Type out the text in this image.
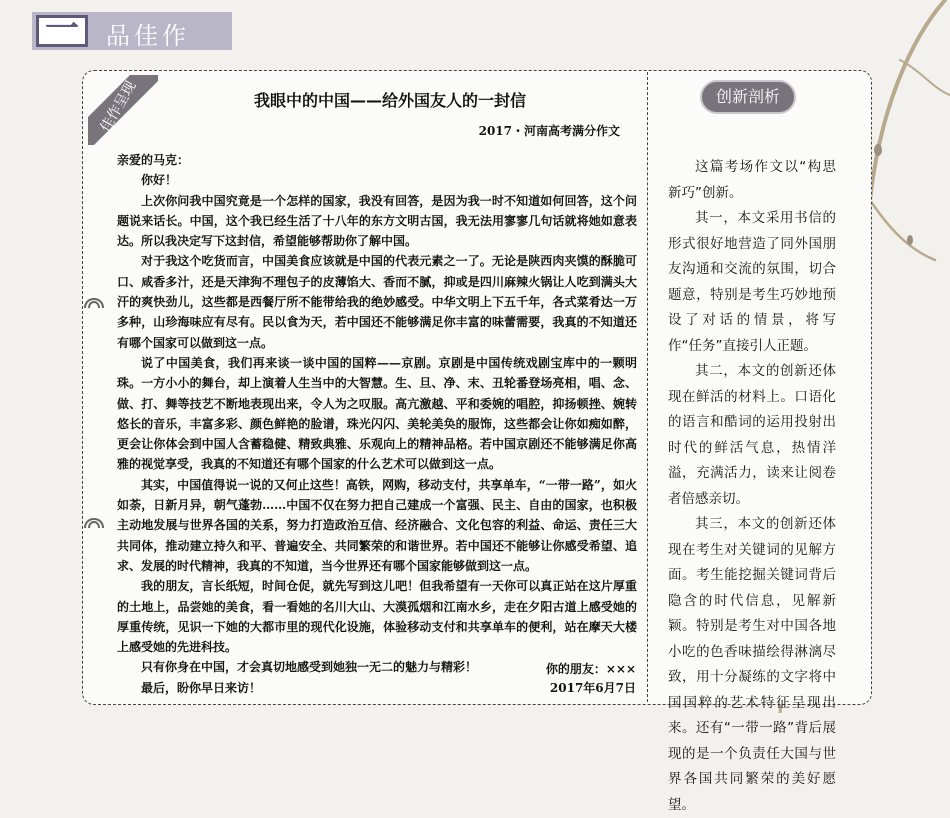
一	品佳作
佳作呈现	我眼中的中国——给外国友人的一封信
2017・河南高考满分作文

亲爱的马克：

你好！

上次你问我中国究竟是一个怎样的国家，我没有回答，是因为我一时不知道如何回答，这个问题说来话长。中国，这个我已经生活了十八年的东方文明古国，我无法用寥寥几句话就将她如意表达。所以我决定写下这封信，希望能够帮助你了解中国。

对于我这个吃货而言，中国美食应该就是中国的代表元素之一了。无论是陕西肉夹馍的酥脆可口、咸香多汁，还是天津狗不理包子的皮薄馅大、香而不腻，抑或是四川麻辣火锅让人吃到满头大汗的爽快劲儿，这些都是西餐厅所不能带给我的绝妙感受。中华文明上下五千年，各式菜肴达一万多种，山珍海味应有尽有。民以食为天，若中国还不能够满足你丰富的味蕾需要，我真的不知道还有哪个国家可以做到这一点。

说了中国美食，我们再来谈一谈中国的国粹——京剧。京剧是中国传统戏剧宝库中的一颗明珠。一方小小的舞台，却上演着人生当中的大智慧。生、旦、净、末、丑轮番登场亮相，唱、念、做、打、舞等技艺不断地表现出来，令人为之叹服。高亢激越、平和委婉的唱腔，抑扬顿挫、婉转悠长的音乐，丰富多彩、颜色鲜艳的脸谱，珠光闪闪、美轮美奂的服饰，这些都会让你如痴如醉，更会让你体会到中国人含蓄稳健、精致典雅、乐观向上的精神品格。若中国京剧还不能够满足你高雅的视觉享受，我真的不知道还有哪个国家的什么艺术可以做到这一点。

其实，中国值得说一说的又何止这些！高铁，网购，移动支付，共享单车，“一带一路”，如火如荼，日新月异，朝气蓬勃……中国不仅在努力把自己建成一个富强、民主、自由的国家，也积极主动地发展与世界各国的关系，努力打造政治互信、经济融合、文化包容的利益、命运、责任三大共同体，推动建立持久和平、普遍安全、共同繁荣的和谐世界。若中国还不能够让你感受希望、追求、发展的时代精神，我真的不知道，当今世界还有哪个国家能够做到这一点。

我的朋友，言长纸短，时间仓促，就先写到这儿吧！但我希望有一天你可以真正站在这片厚重的土地上，品尝她的美食，看一看她的名川大山、大漠孤烟和江南水乡，走在夕阳古道上感受她的厚重传统，见识一下她的大都市里的现代化设施，体验移动支付和共享单车的便利，站在摩天大楼上感受她的先进科技。

只有你身在中国，才会真切地感受到她独一无二的魅力与精彩！

最后，盼你早日来访！

你的朋友：×××
2017年6月7日
创新剖析

这篇考场作文以“构思新巧”创新。

其一，本文采用书信的形式很好地营造了同外国朋友沟通和交流的氛围，切合题意，特别是考生巧妙地预设了对话的情景，将写作“任务”直接引人正题。

其二，本文的创新还体现在鲜活的材料上。口语化的语言和酷词的运用投射出时代的鲜活气息，热情洋溢，充满活力，读来让阅卷者倍感亲切。

其三，本文的创新还体现在考生对关键词的见解方面。考生能挖掘关键词背后隐含的时代信息，见解新颖。特别是考生对中国各地小吃的色香味描绘得淋漓尽致，用十分凝练的文字将中国国粹的艺术特征呈现出来。还有“一带一路”背后展现的是一个负责任大国与世界各国共同繁荣的美好愿望。
